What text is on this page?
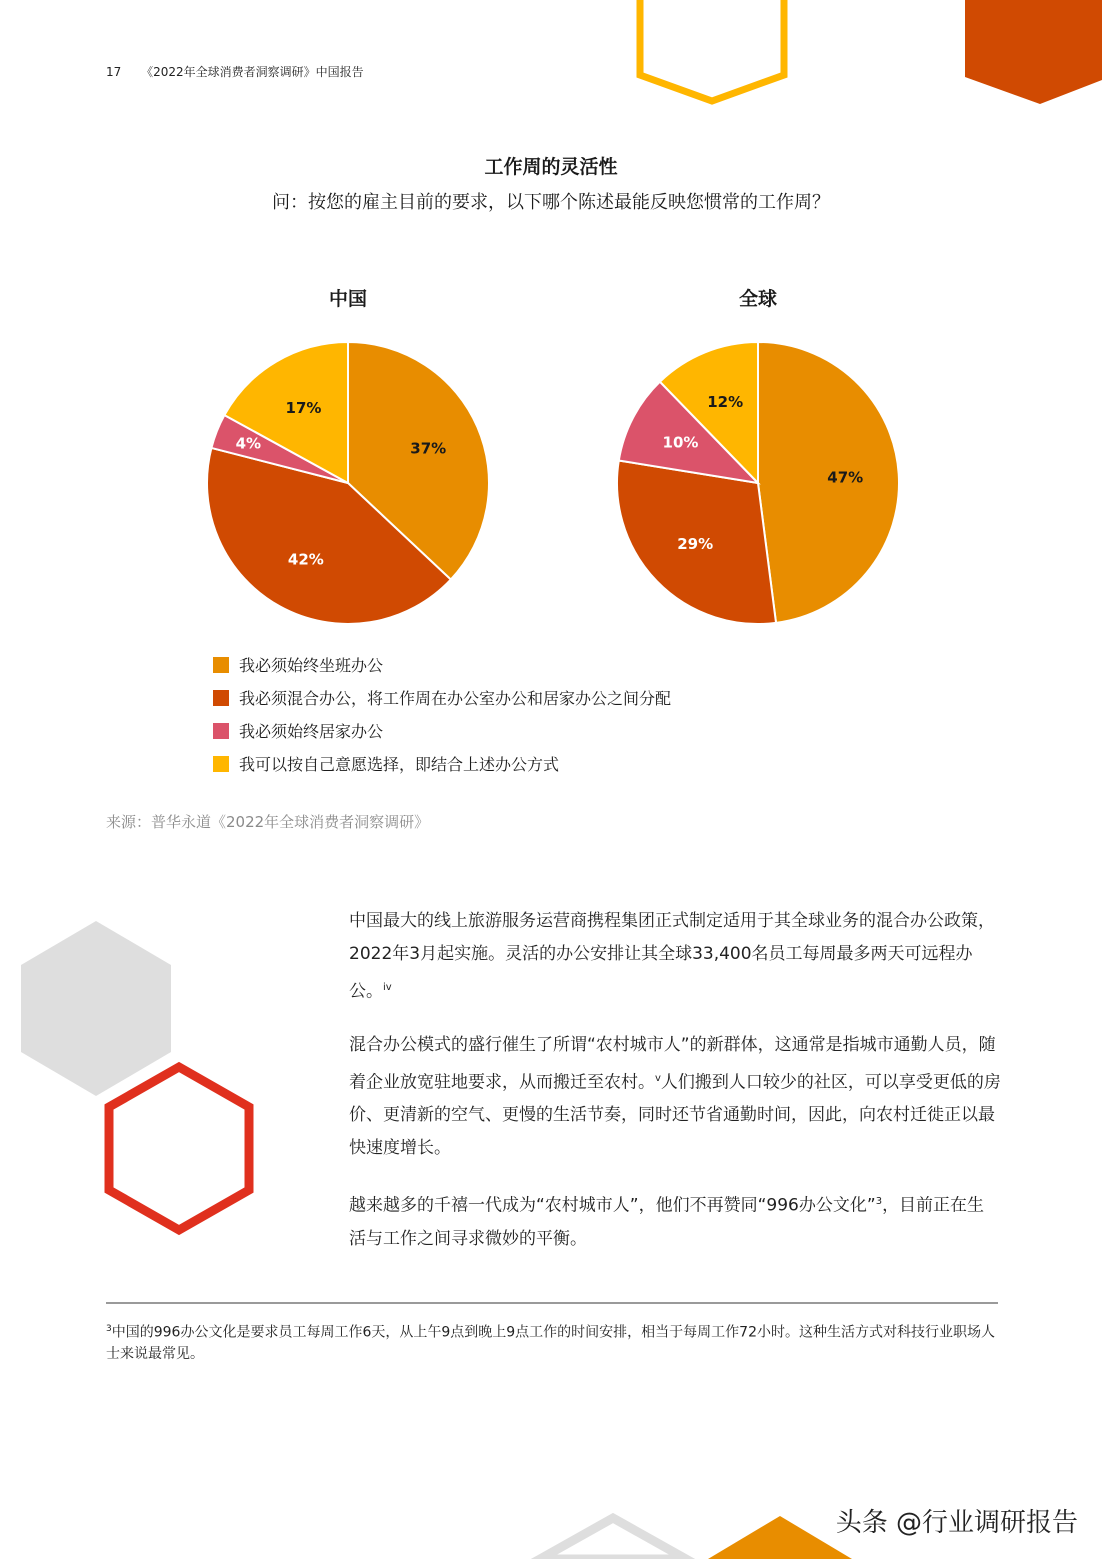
17 《2022年全球消费者洞察调研》中国报告
工作周的灵活性
问：按您的雇主目前的要求，以下哪个陈述最能反映您惯常的工作周？
中国	全球
37%
42%
4%
17%
47%
29%
10%
12%
我必须始终坐班办公
我必须混合办公，将工作周在办公室办公和居家办公之间分配
我必须始终居家办公
我可以按自己意愿选择，即结合上述办公方式
来源：普华永道《2022年全球消费者洞察调研》

中国最大的线上旅游服务运营商携程集团正式制定适用于其全球业务的混合办公政策，2022年3月起实施。灵活的办公安排让其全球33,400名员工每周最多两天可远程办公。$^{iv}$

混合办公模式的盛行催生了所谓“农村城市人”的新群体，这通常是指城市通勤人员，随着企业放宽驻地要求，从而搬迁至农村。$^v$人们搬到人口较少的社区，可以享受更低的房价、更清新的空气、更慢的生活节奏，同时还节省通勤时间，因此，向农村迁徙正以最快速度增长。

越来越多的千禧一代成为“农村城市人”，他们不再赞同“996办公文化”$^3$，目前正在生活与工作之间寻求微妙的平衡。

$^3$中国的996办公文化是要求员工每周工作6天，从上午9点到晚上9点工作的时间安排，相当于每周工作72小时。这种生活方式对科技行业职场人士来说最常见。
头条 @行业调研报告
